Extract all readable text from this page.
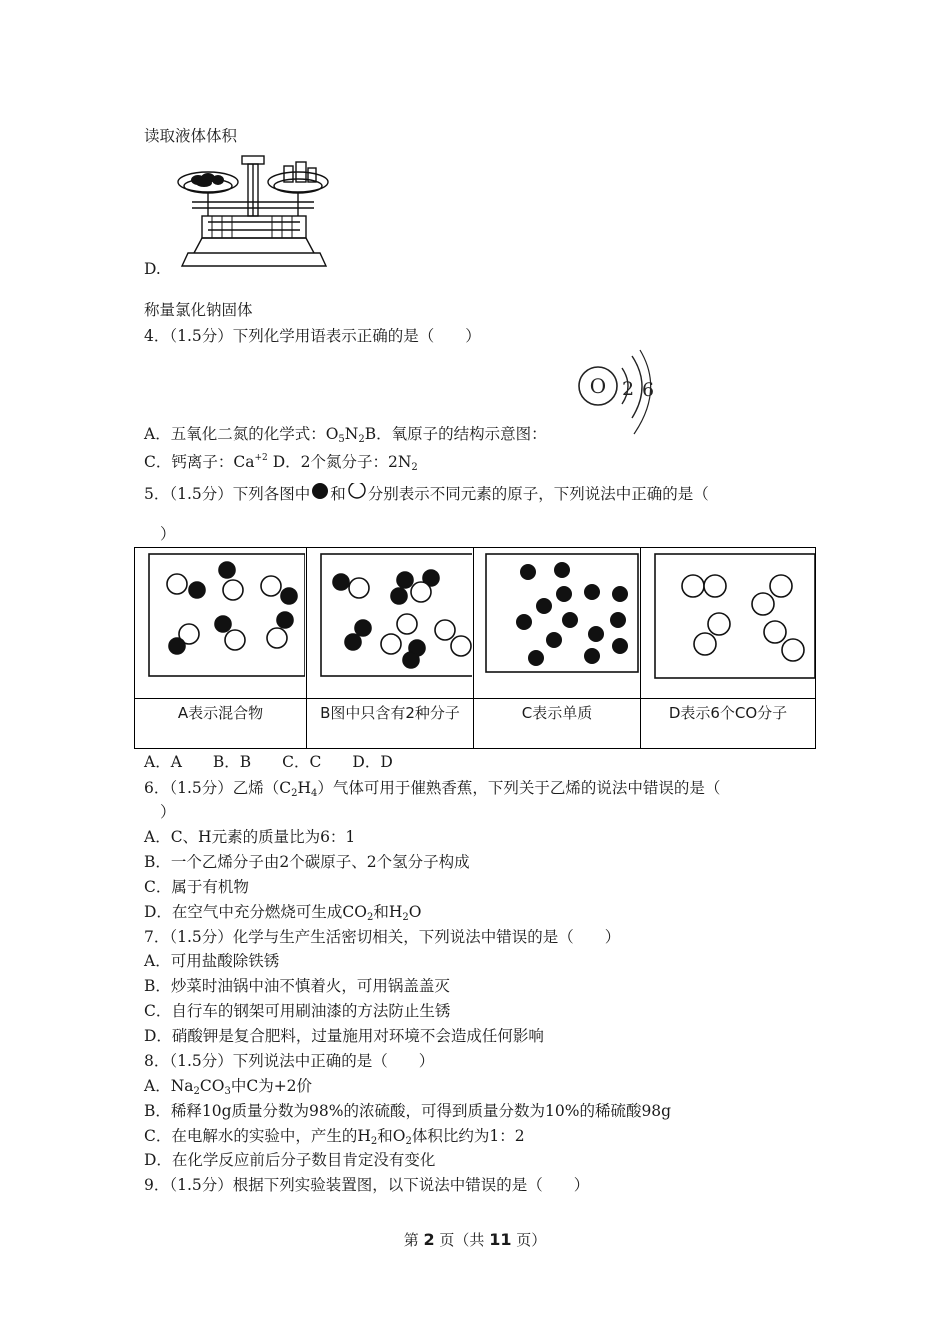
读取液体体积
D.
称量氯化钠固体
4．（1.5分）下列化学用语表示正确的是（　　）
O 2 6
A．五氧化二氮的化学式：$O_5N_2B$．氧原子的结构示意图：
C．钙离子：$Ca^{+2}$ D．2个氮分子：$2N_2$
5．（1.5分）下列各图中 和 分别表示不同元素的原子，下列说法中正确的是（
）
A表示混合物	B图中只含有2种分子	C表示单质	D表示6个CO分子
A．A　　B．B　　C．C　　D．D
6．（1.5分）乙烯$(C_2H_4)$气体可用于催熟香蕉，下列关于乙烯的说法中错误的是（
）
A．C、H元素的质量比为6：1
B．一个乙烯分子由2个碳原子、2个氢分子构成
C．属于有机物
D．在空气中充分燃烧可生成$CO_2$和$H_2O$
7．（1.5分）化学与生产生活密切相关，下列说法中错误的是（　　）
A．可用盐酸除铁锈
B．炒菜时油锅中油不慎着火，可用锅盖盖灭
C．自行车的钢架可用刷油漆的方法防止生锈
D．硝酸钾是复合肥料，过量施用对环境不会造成任何影响
8．（1.5分）下列说法中正确的是（　　）
A．$Na_2CO_3$中C为+2价
B．稀释10g质量分数为98%的浓硫酸，可得到质量分数为10%的稀硫酸98g
C．在电解水的实验中，产生的$H_2$和$O_2$体积比约为1：2
D．在化学反应前后分子数目肯定没有变化
9．（1.5分）根据下列实验装置图，以下说法中错误的是（　　）
第 2 页（共 11 页）
